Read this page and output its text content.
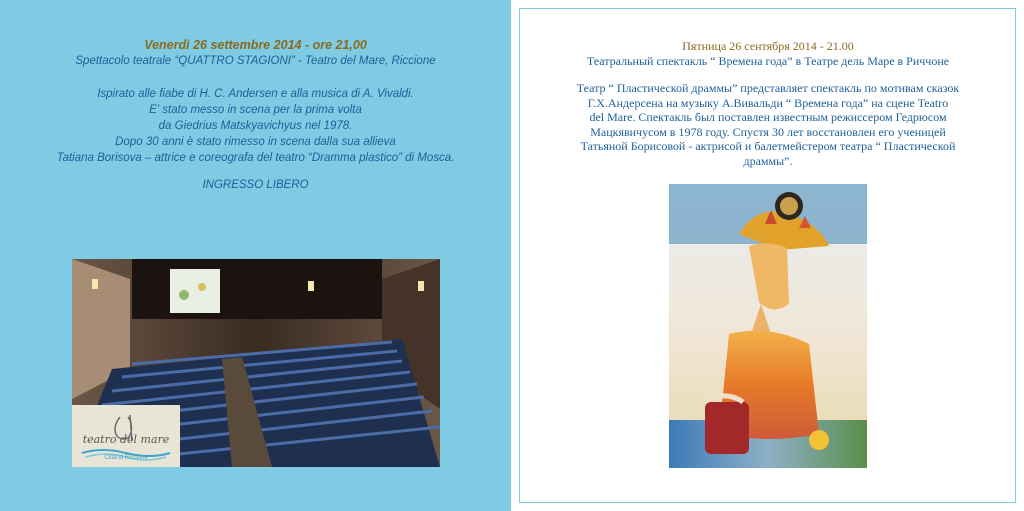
Venerdì 26 settembre 2014 - ore 21,00
Spettacolo teatrale “QUATTRO STAGIONI” - Teatro del Mare, Riccione
Ispirato alle fiabe di H. C. Andersen e alla musica di A. Vivaldi.
E' stato messo in scena per la prima volta
da Giedrius Matskyavichyus nel 1978.
Dopo 30 anni è stato rimesso in scena dalla sua allieva
Tatiana Borisova – attrice e coreografa del teatro “Dramma plastico” di Mosca.
INGRESSO LIBERO
teatro del mare
Città di Riccione
Пятница 26 сентября 2014 - 21.00
Театральный спектакль “ Времена года” в Театре дель Маре в Риччоне
Театр “ Пластической драммы” представляет спектакль по мотивам сказок
Г.Х.Андерсена на музыку А.Вивальди “ Времена года” на сцене Teatro
del Mare. Спектакль был поставлен известным режиссером Гедрюсом
Мацкявичусом в 1978 году. Спустя 30 лет восстановлен его ученицей
Татьяной Борисовой - актрисой и балетмейстером театра “ Пластической
драммы”.
